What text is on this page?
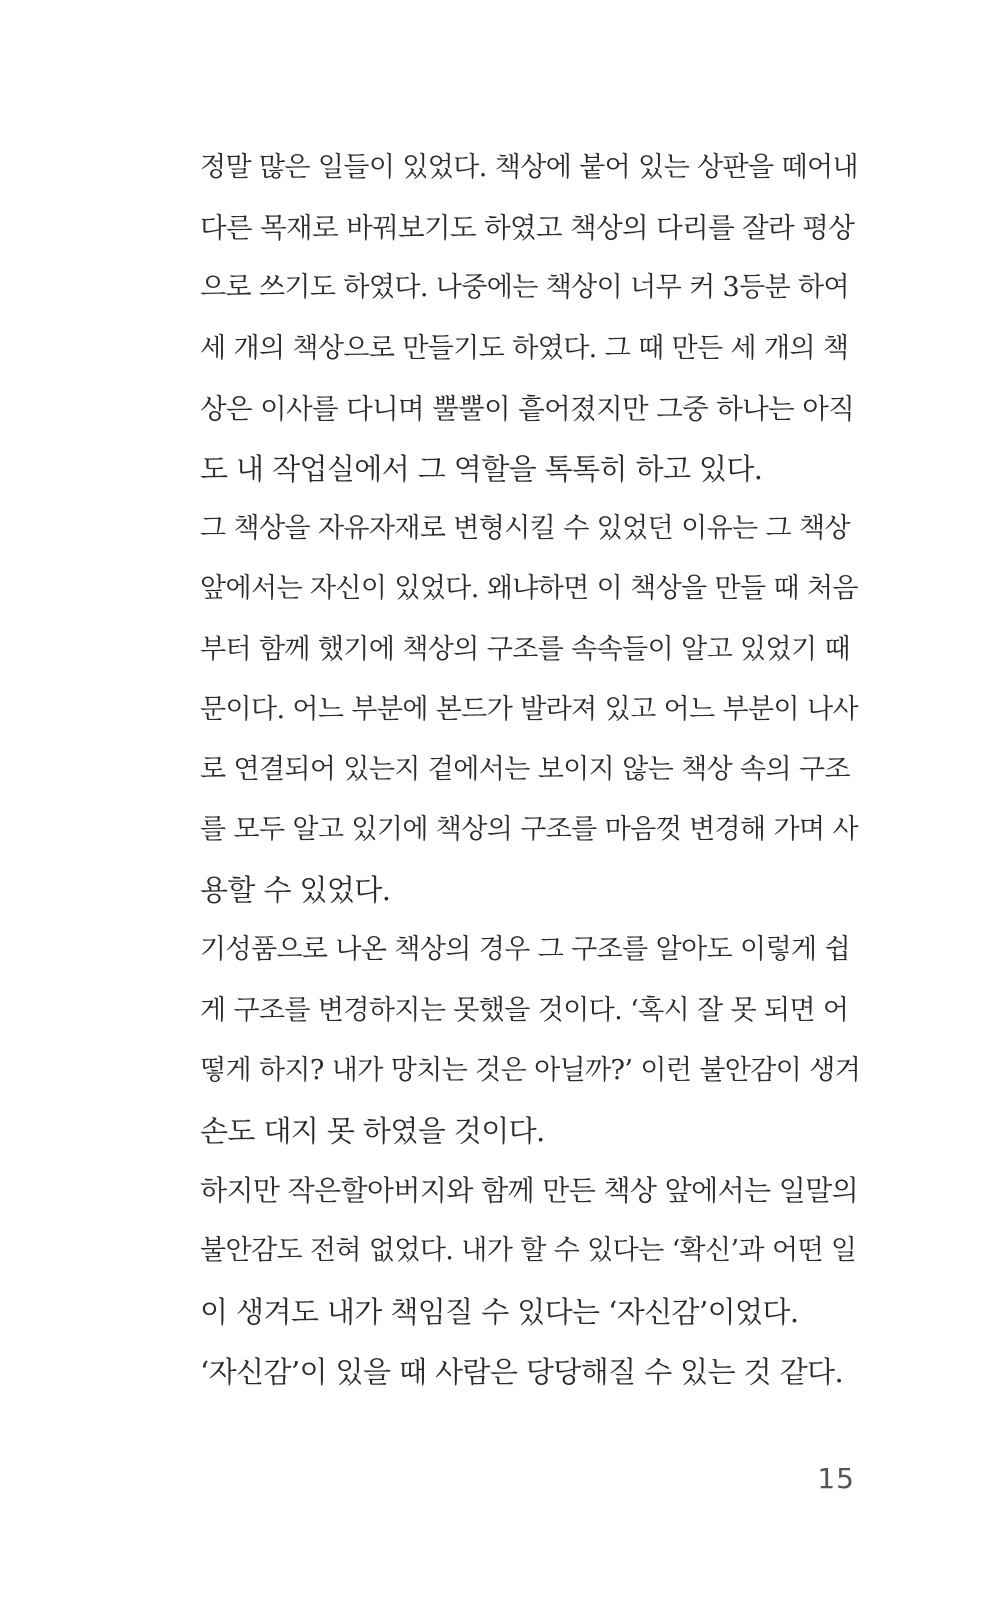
정말 많은 일들이 있었다. 책상에 붙어 있는 상판을 떼어내
다른 목재로 바꿔보기도 하였고 책상의 다리를 잘라 평상
으로 쓰기도 하였다. 나중에는 책상이 너무 커 3등분 하여
세 개의 책상으로 만들기도 하였다. 그 때 만든 세 개의 책
상은 이사를 다니며 뿔뿔이 흩어졌지만 그중 하나는 아직
도 내 작업실에서 그 역할을 톡톡히 하고 있다.
그 책상을 자유자재로 변형시킬 수 있었던 이유는 그 책상
앞에서는 자신이 있었다. 왜냐하면 이 책상을 만들 때 처음
부터 함께 했기에 책상의 구조를 속속들이 알고 있었기 때
문이다. 어느 부분에 본드가 발라져 있고 어느 부분이 나사
로 연결되어 있는지 겉에서는 보이지 않는 책상 속의 구조
를 모두 알고 있기에 책상의 구조를 마음껏 변경해 가며 사
용할 수 있었다.
기성품으로 나온 책상의 경우 그 구조를 알아도 이렇게 쉽
게 구조를 변경하지는 못했을 것이다. ‘혹시 잘 못 되면 어
떻게 하지? 내가 망치는 것은 아닐까?’ 이런 불안감이 생겨
손도 대지 못 하였을 것이다.
하지만 작은할아버지와 함께 만든 책상 앞에서는 일말의
불안감도 전혀 없었다. 내가 할 수 있다는 ‘확신’과 어떤 일
이 생겨도 내가 책임질 수 있다는 ‘자신감’이었다.
‘자신감’이 있을 때 사람은 당당해질 수 있는 것 같다.
15
